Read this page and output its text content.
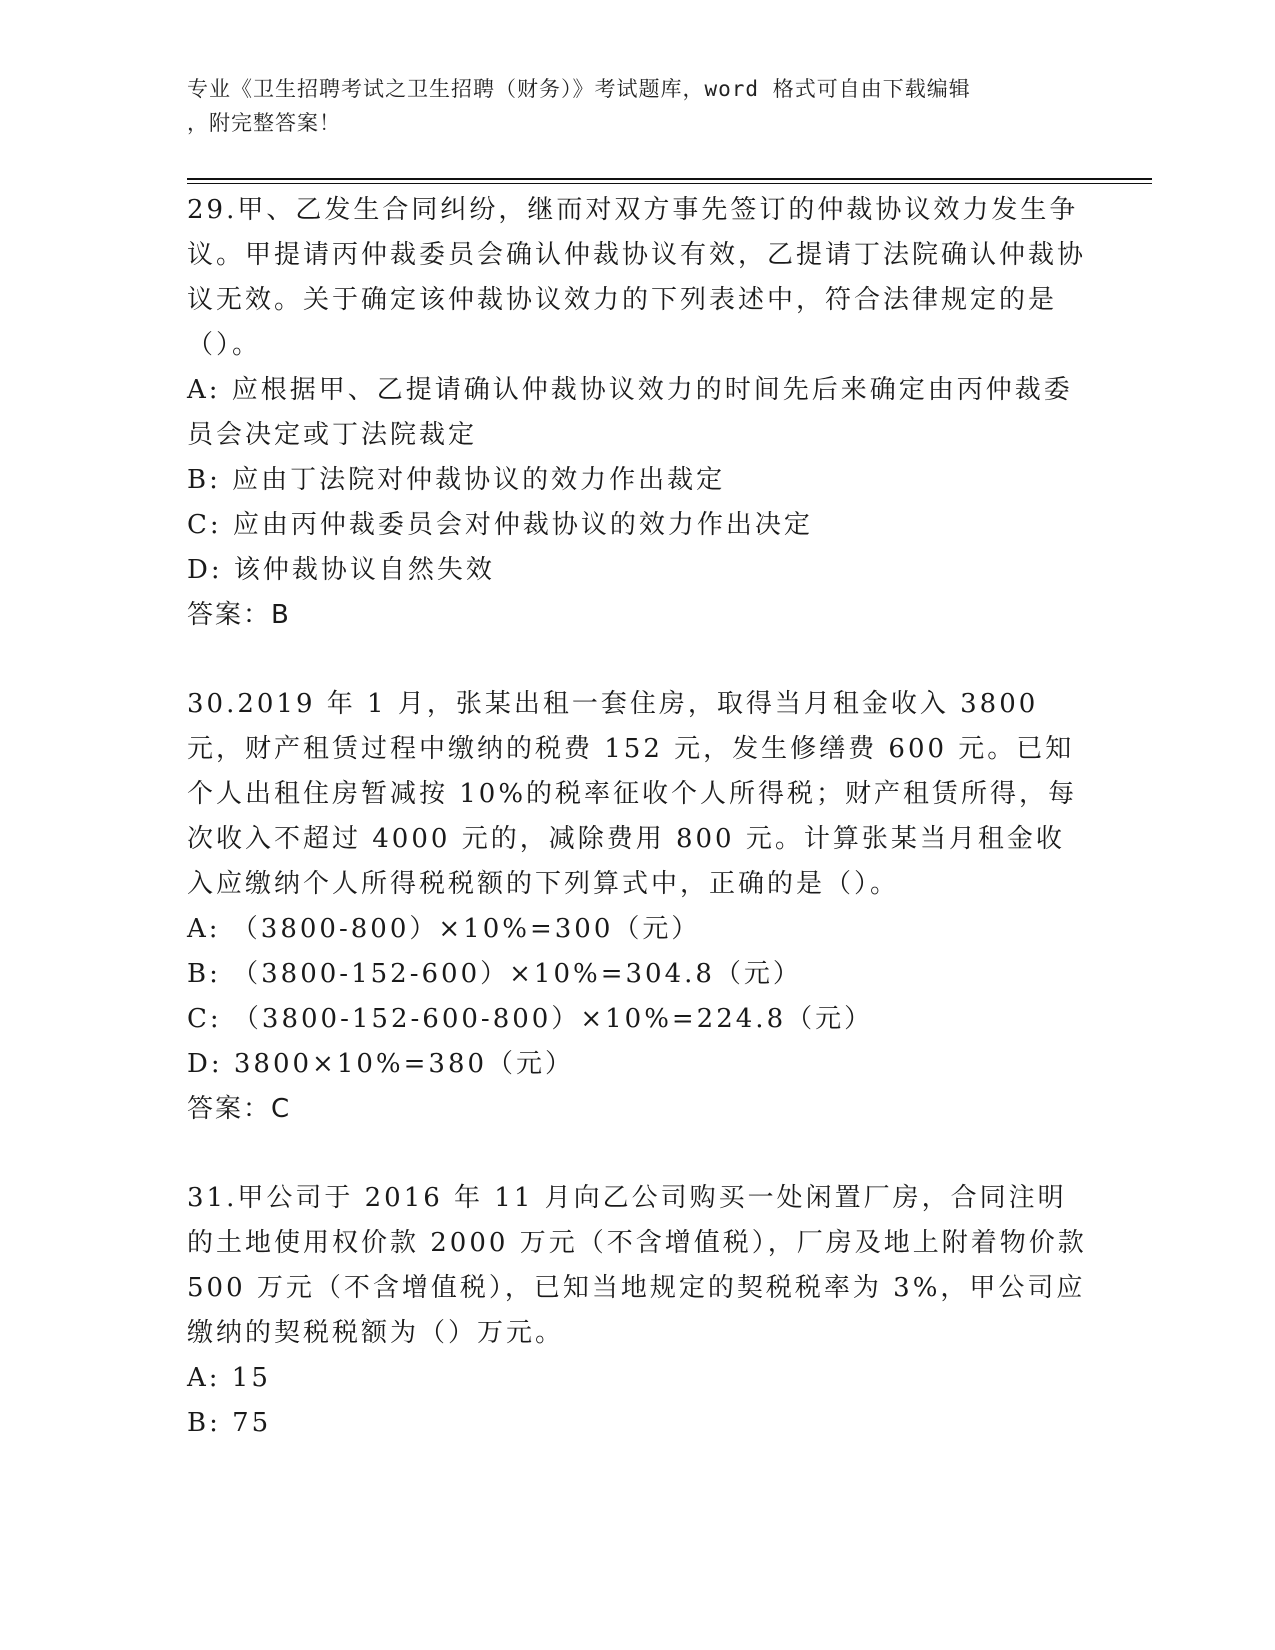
专业《卫生招聘考试之卫生招聘（财务）》考试题库，word 格式可自由下载编辑
，附完整答案！

29.甲、乙发生合同纠纷，继而对双方事先签订的仲裁协议效力发生争议。甲提请丙仲裁委员会确认仲裁协议有效，乙提请丁法院确认仲裁协议无效。关于确定该仲裁协议效力的下列表述中，符合法律规定的是（）。

A: 应根据甲、乙提请确认仲裁协议效力的时间先后来确定由丙仲裁委员会决定或丁法院裁定

B: 应由丁法院对仲裁协议的效力作出裁定

C: 应由丙仲裁委员会对仲裁协议的效力作出决定

D: 该仲裁协议自然失效

答案：B

30.2019 年 1 月，张某出租一套住房，取得当月租金收入 3800 元，财产租赁过程中缴纳的税费 152 元，发生修缮费 600 元。已知个人出租住房暂减按 10%的税率征收个人所得税；财产租赁所得，每次收入不超过 4000 元的，减除费用 800 元。计算张某当月租金收入应缴纳个人所得税税额的下列算式中，正确的是（）。

A: （3800-800）×10%=300（元）

B: （3800-152-600）×10%=304.8（元）

C: （3800-152-600-800）×10%=224.8（元）

D: 3800×10%=380（元）

答案：C

31.甲公司于 2016 年 11 月向乙公司购买一处闲置厂房，合同注明的土地使用权价款 2000 万元（不含增值税），厂房及地上附着物价款 500 万元（不含增值税），已知当地规定的契税税率为 3%，甲公司应缴纳的契税税额为（）万元。

A: 15

B: 75
